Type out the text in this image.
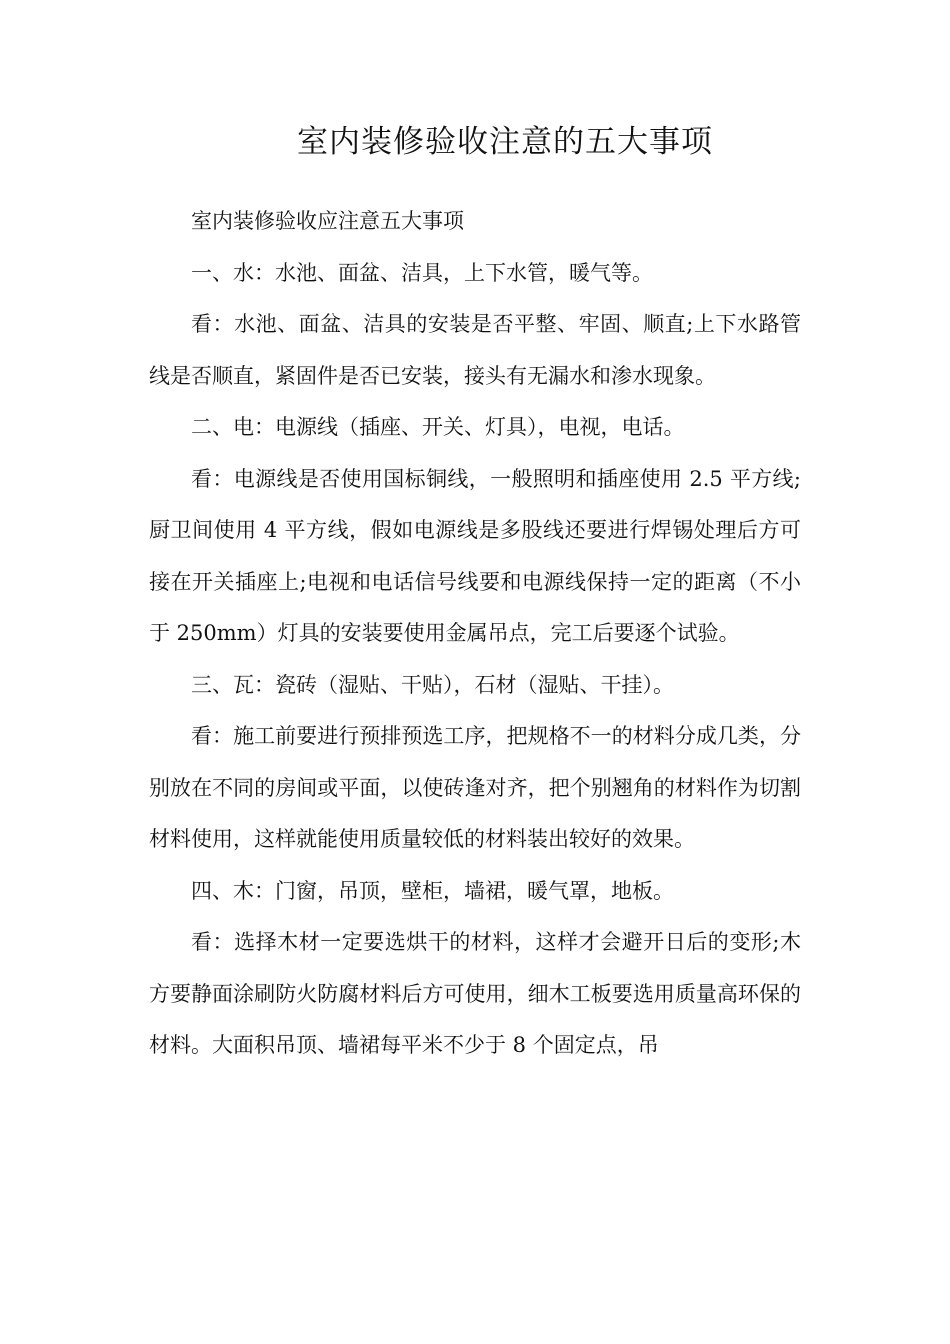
室内装修验收注意的五大事项

室内装修验收应注意五大事项

一、水：水池、面盆、洁具，上下水管，暖气等。

看：水池、面盆、洁具的安装是否平整、牢固、顺直;上下水路管线是否顺直，紧固件是否已安装，接头有无漏水和渗水现象。

二、电：电源线（插座、开关、灯具），电视，电话。

看：电源线是否使用国标铜线，一般照明和插座使用 2.5 平方线;厨卫间使用 4 平方线，假如电源线是多股线还要进行焊锡处理后方可接在开关插座上;电视和电话信号线要和电源线保持一定的距离（不小于 250mm）灯具的安装要使用金属吊点，完工后要逐个试验。

三、瓦：瓷砖（湿贴、干贴），石材（湿贴、干挂）。

看：施工前要进行预排预选工序，把规格不一的材料分成几类，分别放在不同的房间或平面，以使砖逢对齐，把个别翘角的材料作为切割材料使用，这样就能使用质量较低的材料装出较好的效果。

四、木：门窗，吊顶，壁柜，墙裙，暖气罩，地板。

看：选择木材一定要选烘干的材料，这样才会避开日后的变形;木方要静面涂刷防火防腐材料后方可使用，细木工板要选用质量高环保的材料。大面积吊顶、墙裙每平米不少于 8 个固定点，吊
